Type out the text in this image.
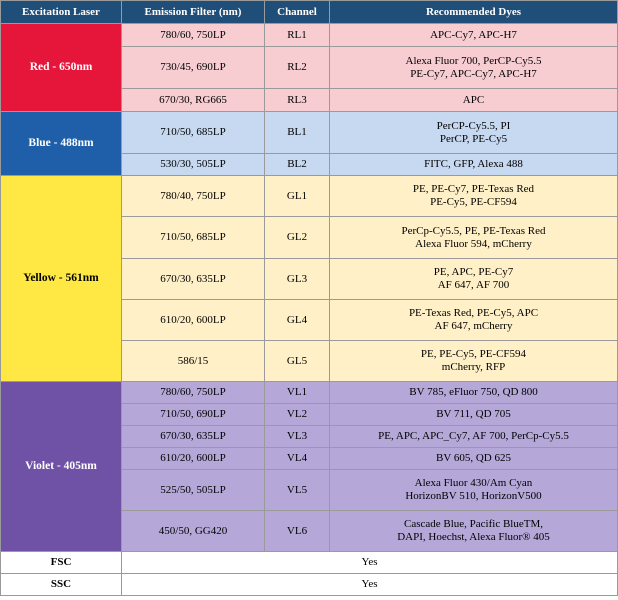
Excitation Laser	Emission Filter (nm)	Channel	Recommended Dyes
Red - 650nm	780/60, 750LP	RL1	APC-Cy7, APC-H7

	730/45, 690LP	RL2	Alexa Fluor 700, PerCP-Cy5.5
PE-Cy7, APC-Cy7, APC-H7

	670/30, RG665	RL3	APC

Blue - 488nm	710/50, 685LP	BL1	PerCP-Cy5.5, PI
PerCP, PE-Cy5

	530/30, 505LP	BL2	FITC, GFP, Alexa 488

Yellow - 561nm	780/40, 750LP	GL1	PE, PE-Cy7, PE-Texas Red
PE-Cy5, PE-CF594

	710/50, 685LP	GL2	PerCp-Cy5.5, PE, PE-Texas Red
Alexa Fluor 594, mCherry

	670/30, 635LP	GL3	PE, APC, PE-Cy7
AF 647, AF 700

	610/20, 600LP	GL4	PE-Texas Red, PE-Cy5, APC
AF 647, mCherry

	586/15	GL5	PE, PE-Cy5, PE-CF594
mCherry, RFP

Violet - 405nm	780/60, 750LP	VL1	BV 785, eFluor 750, QD 800

	710/50, 690LP	VL2	BV 711, QD 705

	670/30, 635LP	VL3	PE, APC, APC_Cy7, AF 700, PerCp-Cy5.5

	610/20, 600LP	VL4	BV 605, QD 625

	525/50, 505LP	VL5	Alexa Fluor 430/Am Cyan
HorizonBV 510, HorizonV500

	450/50, GG420	VL6	Cascade Blue, Pacific BlueTM,
DAPI, Hoechst, Alexa Fluor® 405

FSC	Yes		
SSC	Yes		
